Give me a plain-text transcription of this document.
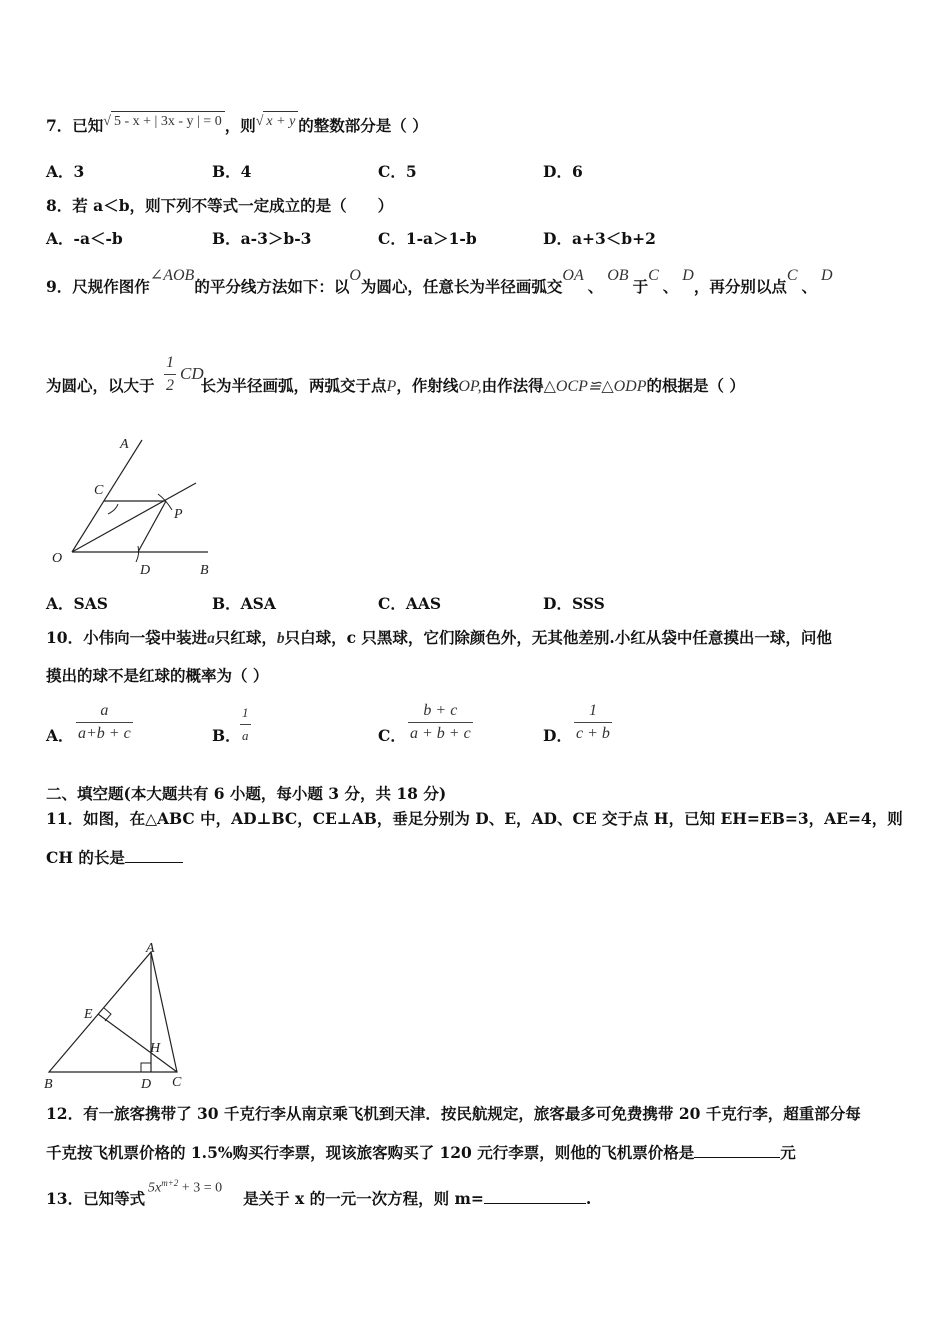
7．已知√ 5 - x + | 3x - y | = 0 ，则√ x + y 的整数部分是（ ）
A．3	B．4	C．5	D．6
8．若 a＜b，则下列不等式一定成立的是（　　）
A．‐a＜‐b	B．a‐3＞b‐3	C．1‐a＞1‐b	D．a+3＜b+2
9．尺规作图作∠AOB的平分线方法如下：以O为圆心，任意长为半径画弧交OA、OB于C、D，再分别以点C、D
为圆心，以大于	长为半径画弧，两弧交于点P，作射线OP,由作法得△OCP≌△ODP的根据是（ ）
1
2
CD
A
C
P
O
D	B
A．SAS	B．ASA	C．AAS	D．SSS
10．小伟向一袋中装进a只红球，b只白球，c 只黑球，它们除颜色外，无其他差别.小红从袋中任意摸出一球，问他
摸出的球不是红球的概率为（ ）
A．
a
a+b + c	B．
1
a	C．
b + c
a + b + c	D．
1
c + b
二、填空题(本大题共有 6 小题，每小题 3 分，共 18 分)
11．如图，在△ABC 中，AD⊥BC，CE⊥AB，垂足分别为 D、E，AD、CE 交于点 H，已知 EH=EB=3，AE=4，则
CH 的长是
A
E
H
B	D C
12．有一旅客携带了 30 千克行李从南京乘飞机到天津．按民航规定，旅客最多可免费携带 20 千克行李，超重部分每
千克按飞机票价格的 1.5%购买行李票，现该旅客购买了 120 元行李票，则他的飞机票价格是	元
13．已知等式	是关于 x 的一元一次方程，则 m=	.
$5x^{m+2} + 3 = 0$
